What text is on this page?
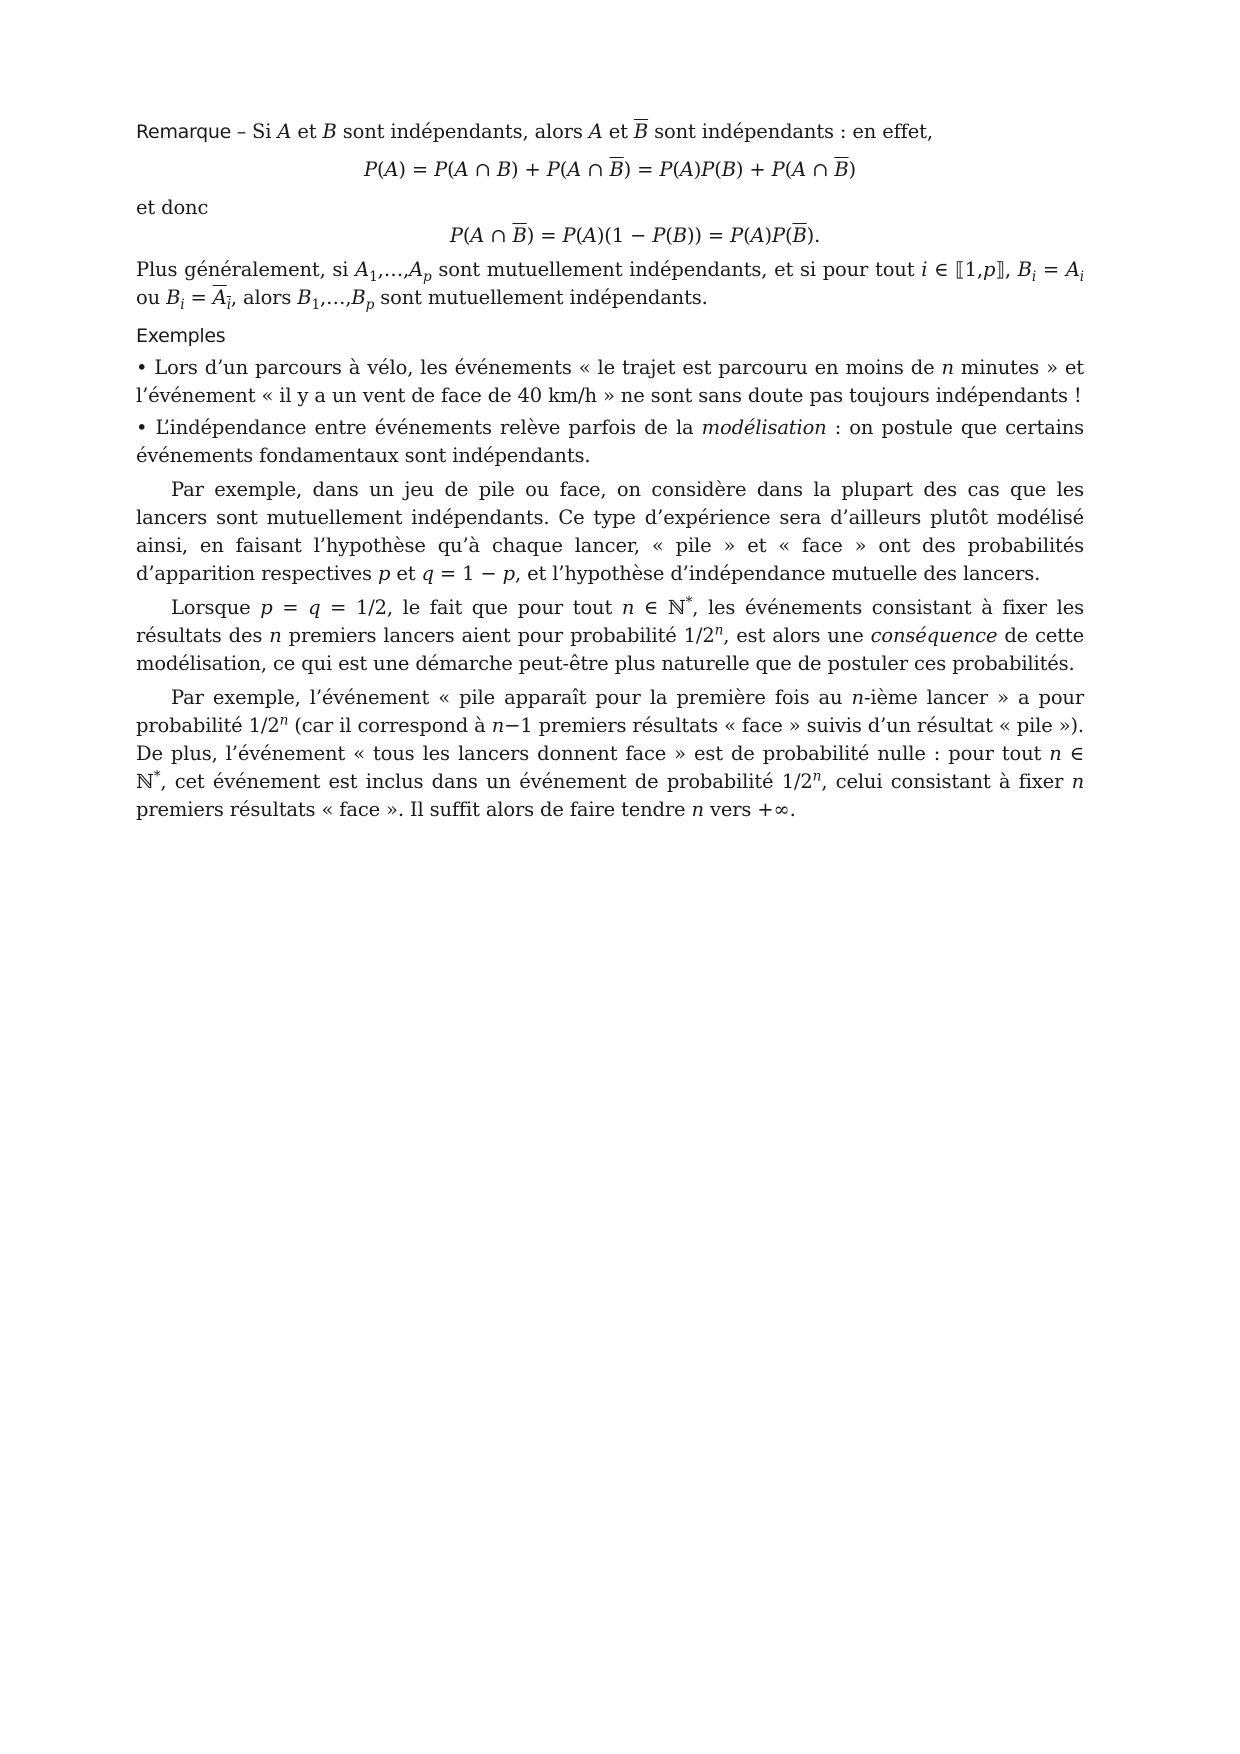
Remarque – Si A et B sont indépendants, alors A et $\overline{B}$ sont indépendants : en effet,

P(A) = P(A ∩ B) + P(A ∩ $\overline{B}) = P(A)P(B) + P(A$ ∩ $\overline{B}$)

et donc

P(A ∩ $\overline{B}) = P(A)(1 - P(B)) = P(A)P(\overline{B})$.

Plus généralement, si $A_1,\dots,A_p$ sont mutuellement indépendants, et si pour tout i ∈ ⟦1,p⟧, $B_i = A_i$ ou $B_i = A_i$, alors $B_1,\dots,B_p$ sont mutuellement indépendants.

Exemples

• Lors d’un parcours à vélo, les événements « le trajet est parcouru en moins de n minutes » et l’événement « il y a un vent de face de 40 km/h » ne sont sans doute pas toujours indépendants !

• L’indépendance entre événements relève parfois de la modélisation : on postule que certains événements fondamentaux sont indépendants.

Par exemple, dans un jeu de pile ou face, on considère dans la plupart des cas que les lancers sont mutuellement indépendants. Ce type d’expérience sera d’ailleurs plutôt modélisé ainsi, en faisant l’hypothèse qu’à chaque lancer, « pile » et « face » ont des probabilités d’apparition respectives p et q = 1 − p, et l’hypothèse d’indépendance mutuelle des lancers.

Lorsque p = q = 1/2, le fait que pour tout n ∈ ℕ*, les événements consistant à fixer les résultats des n premiers lancers aient pour probabilité 1/2$^n$, est alors une conséquence de cette modélisation, ce qui est une démarche peut-être plus naturelle que de postuler ces probabilités.

Par exemple, l’événement « pile apparaît pour la première fois au n-ième lancer » a pour probabilité 1/2$^n$ (car il correspond à n−1 premiers résultats « face » suivis d’un résultat « pile »). De plus, l’événement « tous les lancers donnent face » est de probabilité nulle : pour tout n ∈ ℕ*, cet événement est inclus dans un événement de probabilité 1/2$^n$, celui consistant à fixer n premiers résultats « face ». Il suffit alors de faire tendre n vers +∞.
